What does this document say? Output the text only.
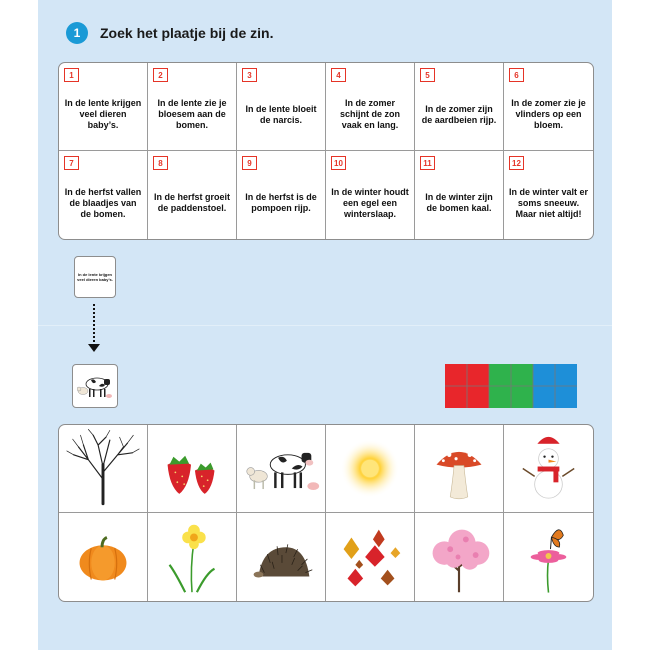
1	Zoek het plaatje bij de zin.
1
In de lente krijgen veel dieren baby’s.
2
In de lente zie je bloesem aan de bomen.
3
In de lente bloeit de narcis.
4
In de zomer schijnt de zon vaak en lang.
5
In de zomer zijn de aardbeien rijp.
6
In de zomer zie je vlinders op een bloem.
7
In de herfst vallen de blaadjes van de bomen.
8
In de herfst groeit de paddenstoel.
9
In de herfst is de pompoen rijp.
10
In de winter houdt een egel een winterslaap.
11
In de winter zijn de bomen kaal.
12
In de winter valt er soms sneeuw. Maar niet altijd!
In de lente krijgen veel dieren baby’s.
